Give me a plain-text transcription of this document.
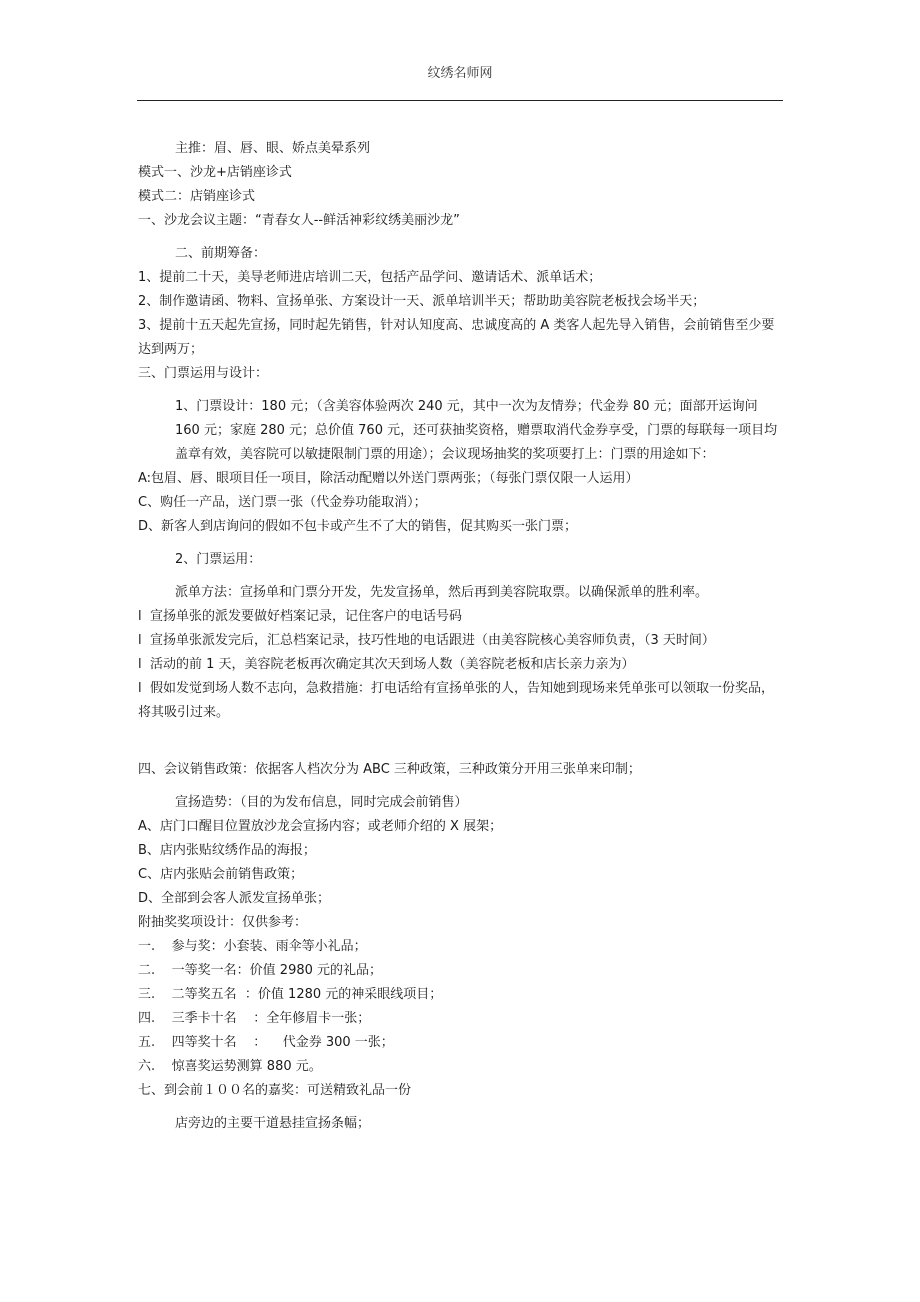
纹绣名师网

主推：眉、唇、眼、娇点美晕系列

模式一、沙龙+店销座诊式

模式二：店销座诊式

一、沙龙会议主题：“青春女人--鲜活神彩纹绣美丽沙龙”

二、前期筹备：

1、提前二十天，美导老师进店培训二天，包括产品学问、邀请话术、派单话术；

2、制作邀请函、物料、宣扬单张、方案设计一天、派单培训半天；帮助助美容院老板找会场半天；

3、提前十五天起先宣扬，同时起先销售，针对认知度高、忠诚度高的 A 类客人起先导入销售，会前销售至少要达到两万；

三、门票运用与设计：

1、门票设计：180 元；（含美容体验两次 240 元，其中一次为友情券；代金券 80 元；面部开运询问 160 元；家庭 280 元；总价值 760 元，还可获抽奖资格，赠票取消代金券享受，门票的每联每一项目均盖章有效，美容院可以敏捷限制门票的用途）；会议现场抽奖的奖项要打上：门票的用途如下：

A:包眉、唇、眼项目任一项目，除活动配赠以外送门票两张；（每张门票仅限一人运用）

C、购任一产品，送门票一张（代金券功能取消）；

D、新客人到店询问的假如不包卡或产生不了大的销售，促其购买一张门票；

2、门票运用：

派单方法：宣扬单和门票分开发，先发宣扬单，然后再到美容院取票。以确保派单的胜利率。

l 宣扬单张的派发要做好档案记录，记住客户的电话号码

l 宣扬单张派发完后，汇总档案记录，技巧性地的电话跟进（由美容院核心美容师负责，（3 天时间）

l 活动的前 1 天，美容院老板再次确定其次天到场人数（美容院老板和店长亲力亲为）

l 假如发觉到场人数不志向，急救措施：打电话给有宣扬单张的人，告知她到现场来凭单张可以领取一份奖品，将其吸引过来。

四、会议销售政策：依据客人档次分为 ABC 三种政策，三种政策分开用三张单来印制；

宣扬造势：（目的为发布信息，同时完成会前销售）

A、店门口醒目位置放沙龙会宣扬内容；或老师介绍的 X 展架；

B、店内张贴纹绣作品的海报；

C、店内张贴会前销售政策；

D、全部到会客人派发宣扬单张；

附抽奖奖项设计：仅供参考：

一.    参与奖：小套装、雨伞等小礼品；

二.    一等奖一名：价值 2980 元的礼品；

三.    二等奖五名  ：价值 1280 元的神采眼线项目；

四.    三季卡十名    ：全年修眉卡一张；

五.    四等奖十名    ：    代金券 300 一张；

六.    惊喜奖运势测算 880 元。

七、到会前１００名的嘉奖：可送精致礼品一份

店旁边的主要干道悬挂宣扬条幅；
